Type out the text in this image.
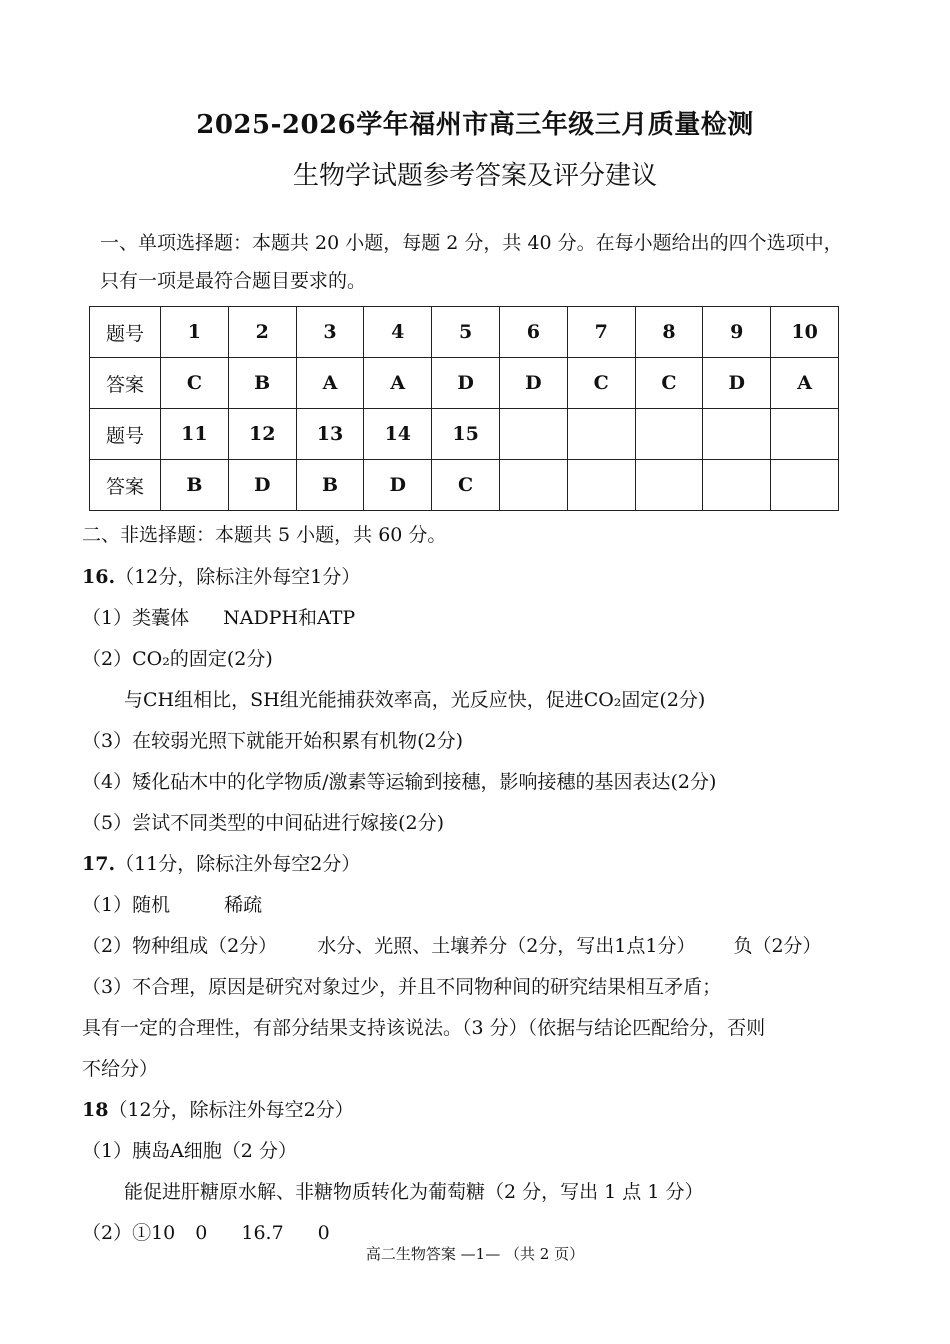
2025-2026学年福州市高三年级三月质量检测
生物学试题参考答案及评分建议
一、单项选择题：本题共 20 小题，每题 2 分，共 40 分。在每小题给出的四个选项中，只有一项是最符合题目要求的。
题号	1	2	3	4	5	6	7	8	9	10
答案	C	B	A	A	D	D	C	C	D	A
题号	11	12	13	14	15					
答案	B	D	B	D	C					
二、非选择题：本题共 5 小题，共 60 分。
16.（12分，除标注外每空1分）
（1）类囊体 NADPH和ATP
（2）CO₂的固定(2分)
与CH组相比，SH组光能捕获效率高，光反应快，促进CO₂固定(2分)
（3）在较弱光照下就能开始积累有机物(2分)
（4）矮化砧木中的化学物质/激素等运输到接穗，影响接穗的基因表达(2分)
（5）尝试不同类型的中间砧进行嫁接(2分)
17.（11分，除标注外每空2分）
（1）随机	稀疏
（2）物种组成（2分） 水分、光照、土壤养分（2分，写出1点1分） 负（2分）
（3）不合理，原因是研究对象过少，并且不同物种间的研究结果相互矛盾；
具有一定的合理性，有部分结果支持该说法。（3 分）（依据与结论匹配给分，否则
不给分）
18（12分，除标注外每空2分）
（1）胰岛A细胞（2 分）
能促进肝糖原水解、非糖物质转化为葡萄糖（2 分，写出 1 点 1 分）
（2）①10 0 16.7 0
高二生物答案 —1— （共 2 页）
